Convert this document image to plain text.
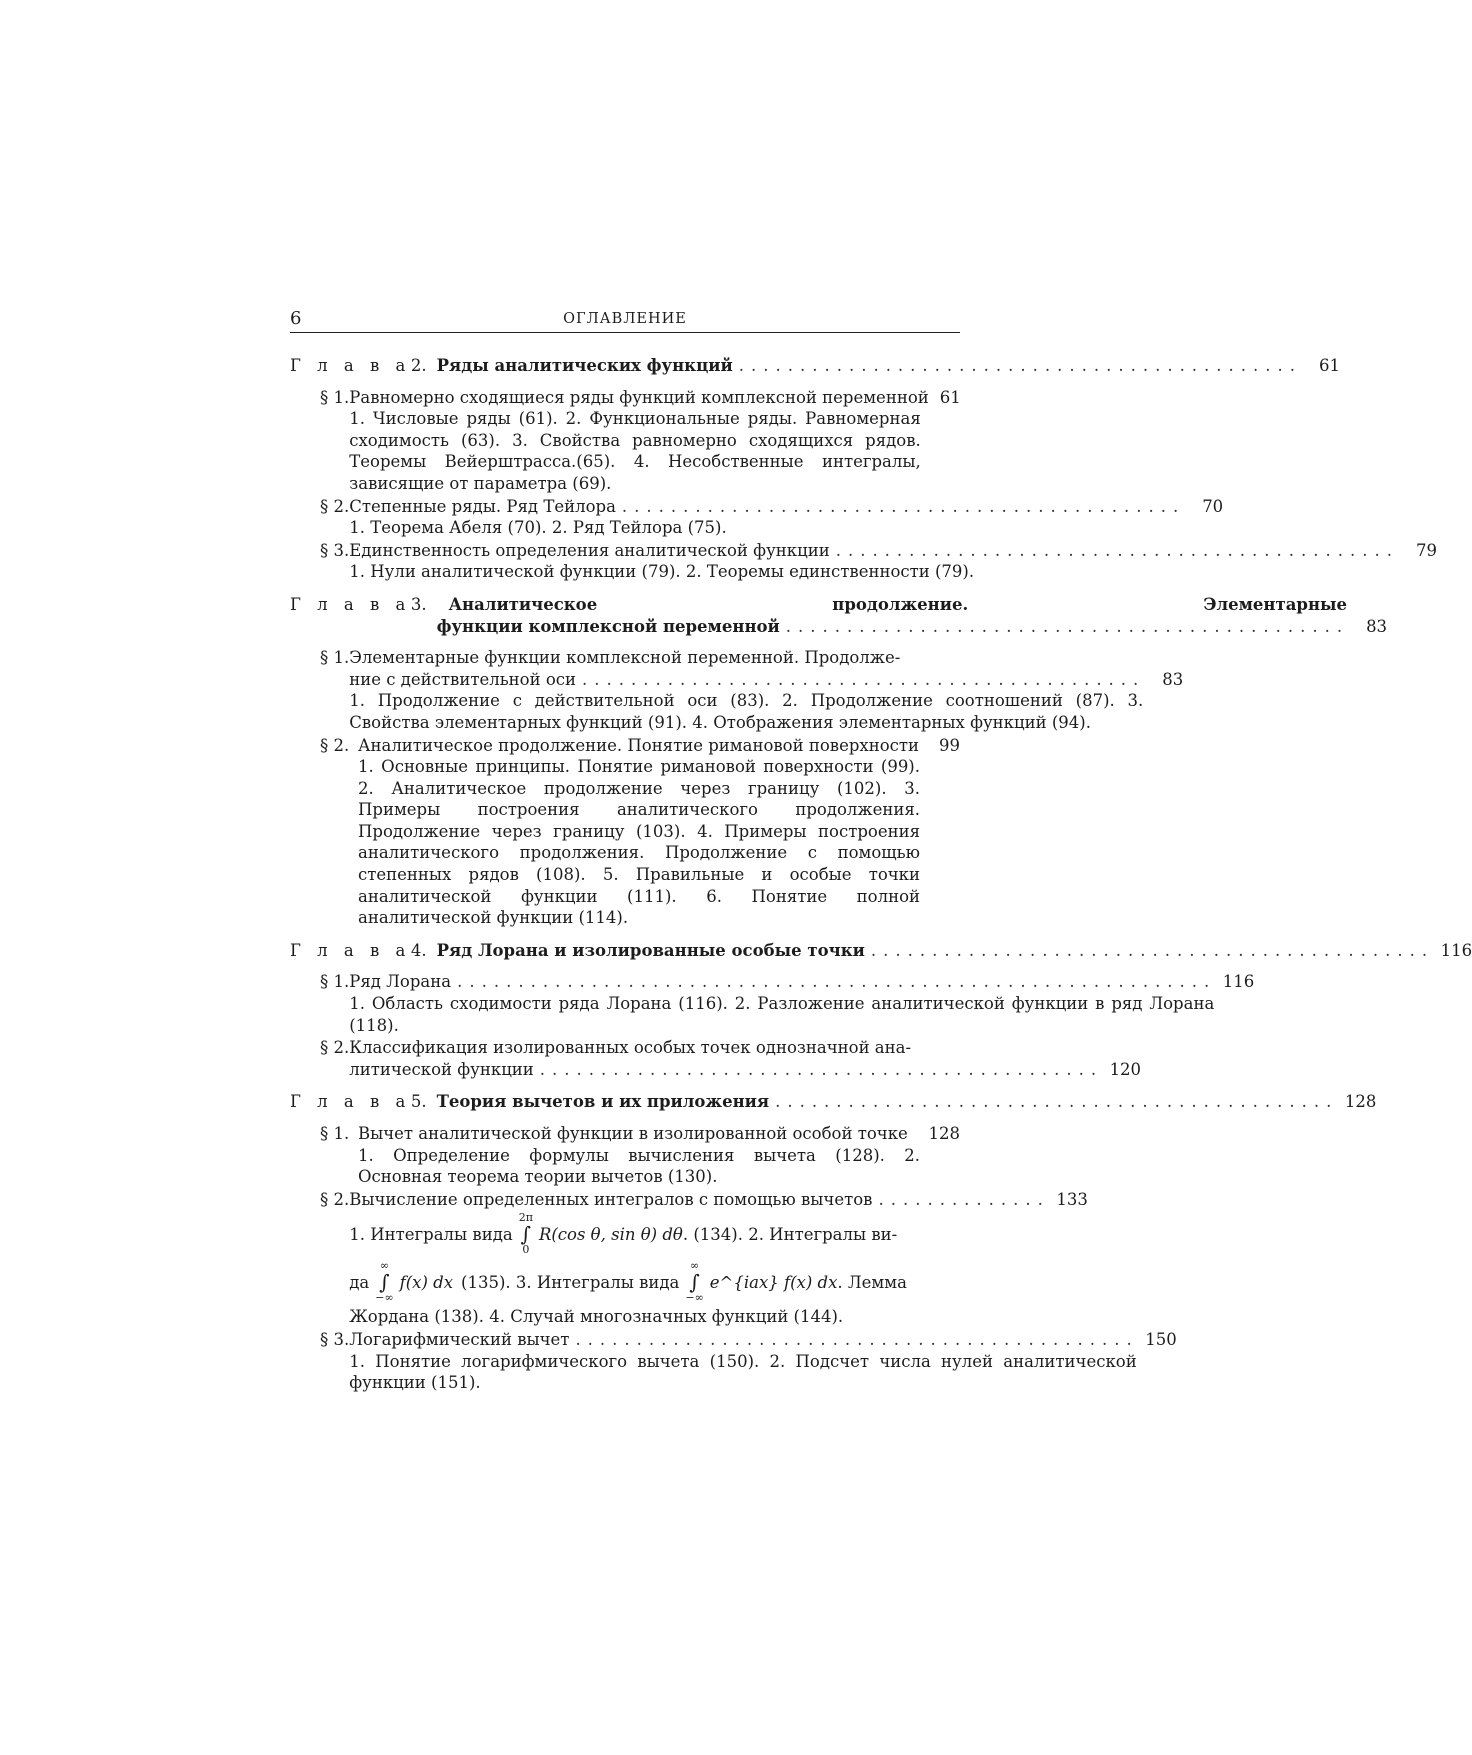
6	ОГЛАВЛЕНИЕ
Г л а в а 2. Ряды аналитических функций ..............................................	61
§ 1. Равномерно сходящиеся ряды функций комплексной переменной 61
1. Числовые ряды (61). 2. Функциональные ряды. Равномерная сходимость (63). 3. Свойства равномерно сходящихся рядов. Теоремы Вейерштрасса.(65). 4. Несобственные интегралы, зависящие от параметра (69).
§ 2. Степенные ряды. Ряд Тейлора ..............................................	70
1. Теорема Абеля (70). 2. Ряд Тейлора (75).
§ 3. Единственность определения аналитической функции ..............................................	79
1. Нули аналитической функции (79). 2. Теоремы единственности (79).
Г л а в а 3.	Аналитическое продолжение. Элементарные
функции комплексной переменной ..............................................	83
§ 1. Элементарные функции комплексной переменной. Продолже-
ние с действительной оси ..............................................	83
1. Продолжение с действительной оси (83). 2. Продолжение соотношений (87). 3. Свойства элементарных функций (91). 4. Отображения элементарных функций (94).
§ 2. Аналитическое продолжение. Понятие римановой поверхности	99
1. Основные принципы. Понятие римановой поверхности (99). 2. Аналитическое продолжение через границу (102). 3. Примеры построения аналитического продолжения. Продолжение через границу (103). 4. Примеры построения аналитического продолжения. Продолжение с помощью степенных рядов (108). 5. Правильные и особые точки аналитической функции (111). 6. Понятие полной аналитической функции (114).
Г л а в а 4. Ряд Лорана и изолированные особые точки .............................................. 116
§ 1. Ряд Лорана .............................................................. 116
1. Область сходимости ряда Лорана (116). 2. Разложение аналитической функции в ряд Лорана (118).
§ 2. Классификация изолированных особых точек однозначной ана-
литической функции .............................................. 120
Г л а в а 5. Теория вычетов и их приложения .............................................. 128
§ 1. Вычет аналитической функции в изолированной особой точке 128
1. Определение формулы вычисления вычета (128). 2. Основная теорема теории вычетов (130).
§ 2. Вычисление определенных интегралов с помощью вычетов .............. 133
1. Интегралы вида
2π
∫
0
R(cos θ, sin θ) dθ . (134). 2. Интегралы ви-
да
∞
∫
−∞
f(x) dx (135). 3. Интегралы вида
∞
∫
−∞
e^{iax} f(x) dx . Лемма
Жордана (138). 4. Случай многозначных функций (144).
§ 3. Логарифмический вычет .............................................. 150
1. Понятие логарифмического вычета (150). 2. Подсчет числа нулей аналитической функции (151).
